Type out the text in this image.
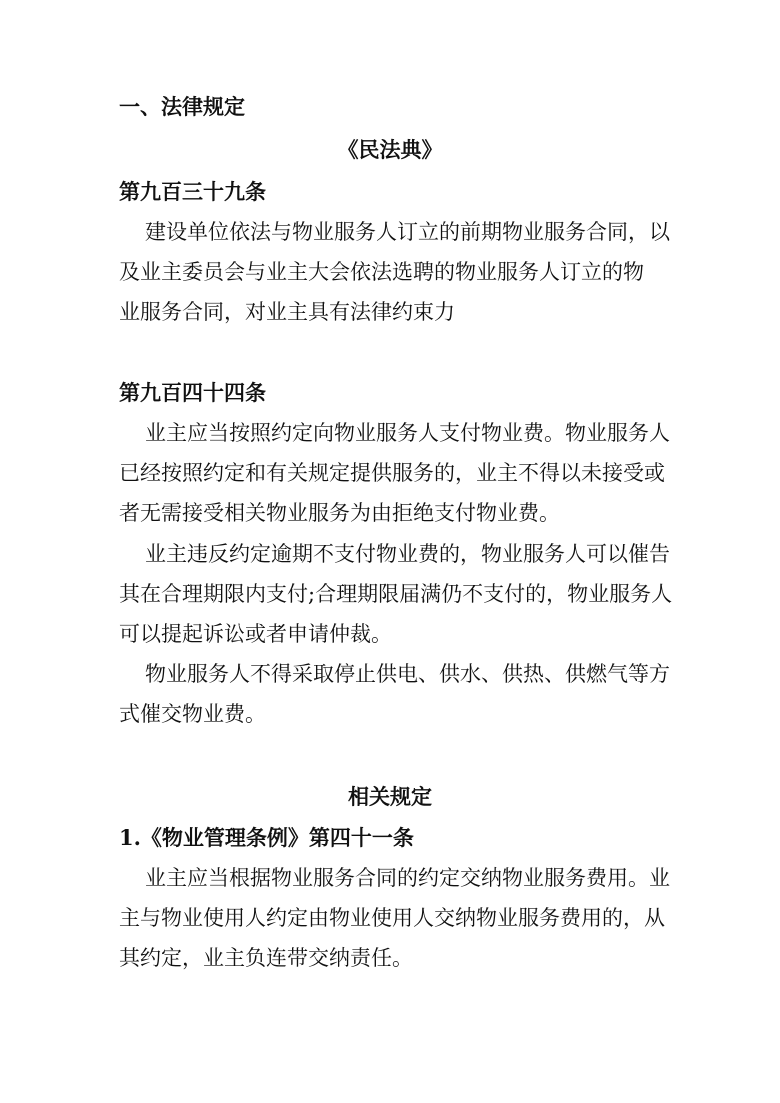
一、法律规定
《民法典》
第九百三十九条
建设单位依法与物业服务人订立的前期物业服务合同，以
及业主委员会与业主大会依法选聘的物业服务人订立的物
业服务合同，对业主具有法律约束力
第九百四十四条
业主应当按照约定向物业服务人支付物业费。物业服务人
已经按照约定和有关规定提供服务的，业主不得以未接受或
者无需接受相关物业服务为由拒绝支付物业费。
业主违反约定逾期不支付物业费的，物业服务人可以催告
其在合理期限内支付;合理期限届满仍不支付的，物业服务人
可以提起诉讼或者申请仲裁。
物业服务人不得采取停止供电、供水、供热、供燃气等方
式催交物业费。
相关规定
1.《物业管理条例》第四十一条
业主应当根据物业服务合同的约定交纳物业服务费用。业
主与物业使用人约定由物业使用人交纳物业服务费用的，从
其约定，业主负连带交纳责任。
